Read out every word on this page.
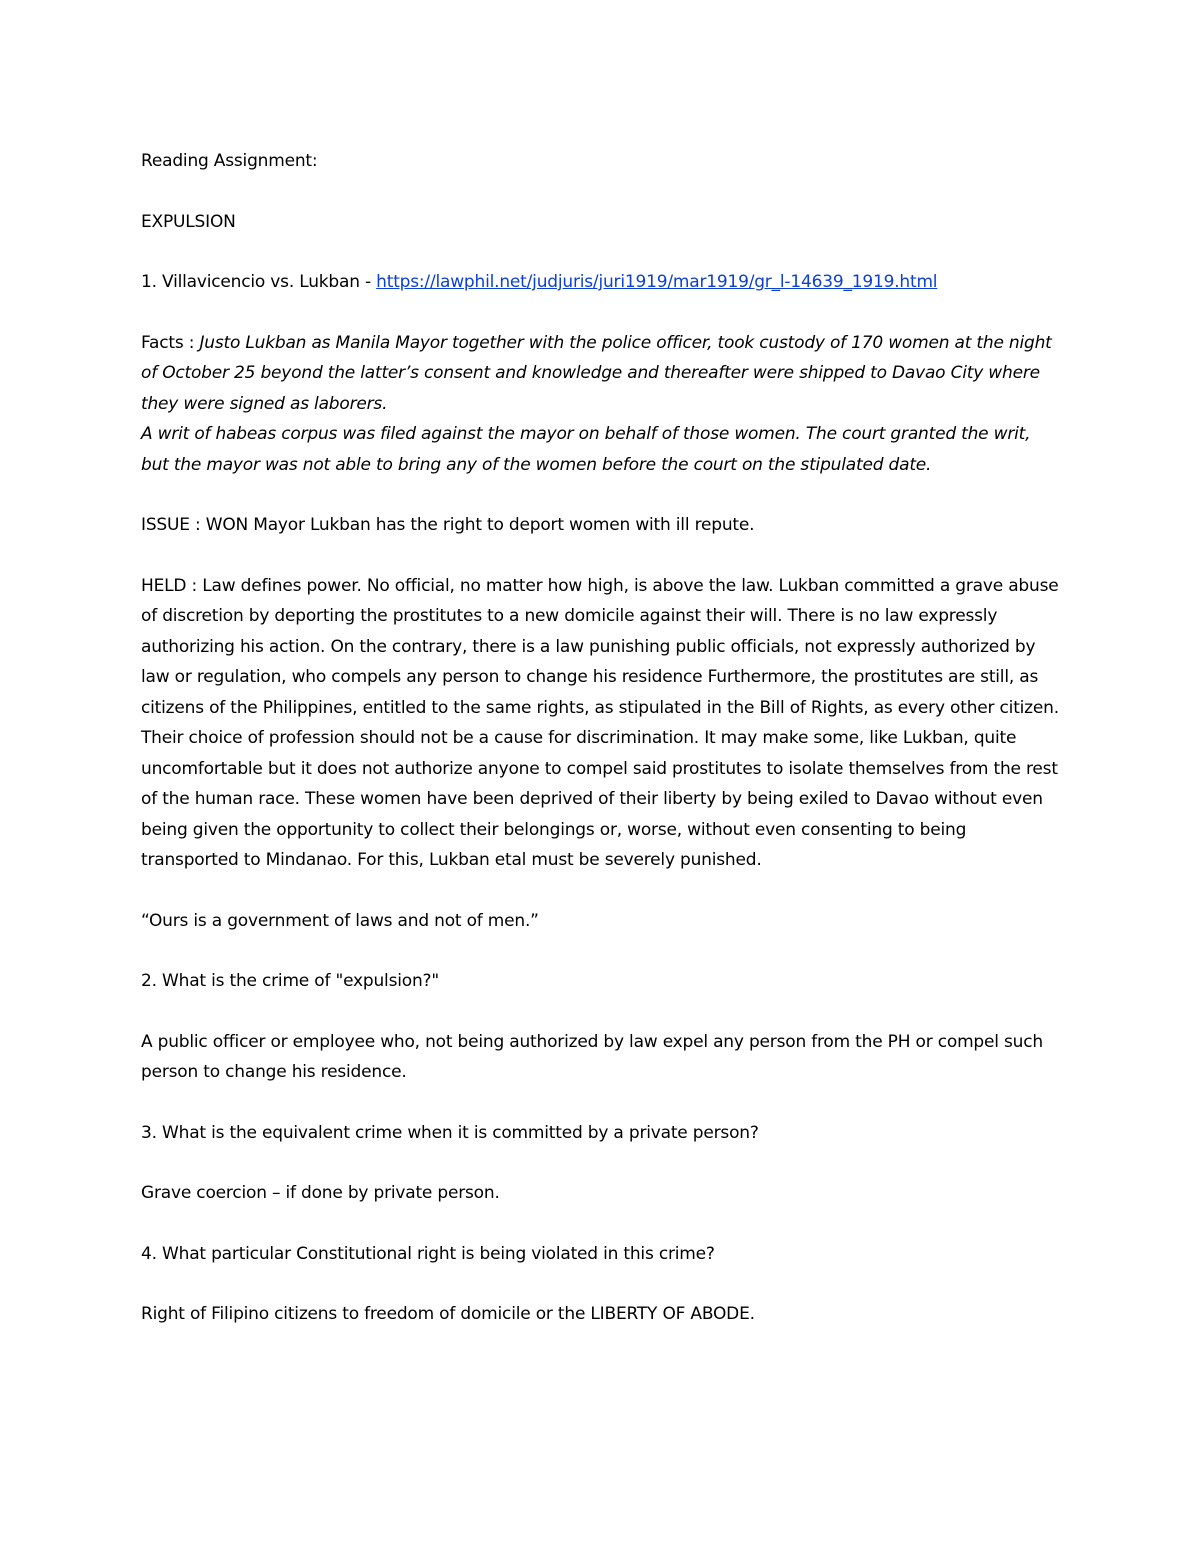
Reading Assignment:

EXPULSION

1. Villavicencio vs. Lukban - https://lawphil.net/judjuris/juri1919/mar1919/gr_l-14639_1919.html

Facts : Justo Lukban as Manila Mayor together with the police officer, took custody of 170 women at the night of October 25 beyond the latter’s consent and knowledge and thereafter were shipped to Davao City where they were signed as laborers.

A writ of habeas corpus was filed against the mayor on behalf of those women. The court granted the writ, but the mayor was not able to bring any of the women before the court on the stipulated date.

ISSUE : WON Mayor Lukban has the right to deport women with ill repute.

HELD : Law defines power. No official, no matter how high, is above the law. Lukban committed a grave abuse of discretion by deporting the prostitutes to a new domicile against their will. There is no law expressly authorizing his action. On the contrary, there is a law punishing public officials, not expressly authorized by law or regulation, who compels any person to change his residence Furthermore, the prostitutes are still, as citizens of the Philippines, entitled to the same rights, as stipulated in the Bill of Rights, as every other citizen. Their choice of profession should not be a cause for discrimination. It may make some, like Lukban, quite uncomfortable but it does not authorize anyone to compel said prostitutes to isolate themselves from the rest of the human race. These women have been deprived of their liberty by being exiled to Davao without even being given the opportunity to collect their belongings or, worse, without even consenting to being transported to Mindanao. For this, Lukban etal must be severely punished.

“Ours is a government of laws and not of men.”

2. What is the crime of "expulsion?"

A public officer or employee who, not being authorized by law expel any person from the PH or compel such person to change his residence.

3. What is the equivalent crime when it is committed by a private person?

Grave coercion – if done by private person.

4. What particular Constitutional right is being violated in this crime?

Right of Filipino citizens to freedom of domicile or the LIBERTY OF ABODE.
